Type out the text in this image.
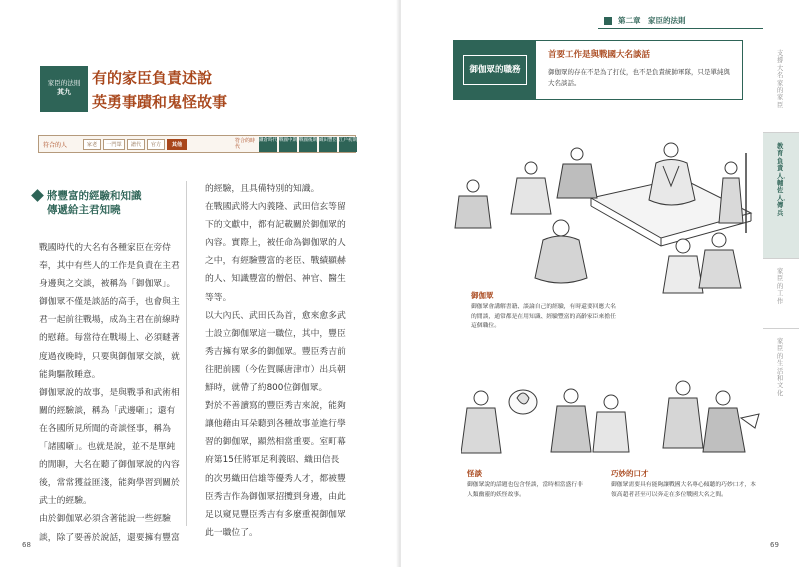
家臣的法則
其九
有的家臣負責述說
英勇事蹟和鬼怪故事
符合的人	家老	一門眾	譜代	官方	其他
符合的時代
鎌倉時代 戰國中期 戰國後期 織田豐臣 江戶初期
將豐富的經驗和知識
傳遞給主君知曉

戰國時代的大名有各種家臣在旁侍奉，其中有些人的工作是負責在主君身邊與之交談，被稱為「御伽眾」。

御伽眾不僅是談話的高手，也會與主君一起前往戰場，成為主君在前線時的慰藉。每當待在戰場上、必須瞇著度過夜晚時，只要與御伽眾交談，就能夠驅散睡意。

御伽眾說的故事，是與戰爭和武術相關的經驗談，稱為「武邊噺」；還有在各國所見所聞的奇談怪事，稱為「諸國噺」。也就是說，並不是單純的閒聊，大名在聽了御伽眾說的內容後，常常獲益匪淺，能夠學習到關於武士的經驗。

由於御伽眾必須含著能說一些經驗談，除了要善於說話，還要擁有豐富

的經驗，且具備特別的知識。

在戰國武將大內義隆、武田信玄等留下的文獻中，都有記載關於御伽眾的內容。實際上，被任命為御伽眾的人之中，有經驗豐富的老臣、戰績顯赫的人、知識豐富的僧侶、神官、醫生等等。

以大內氏、武田氏為首，愈來愈多武士設立御伽眾這一職位，其中，豐臣秀吉擁有眾多的御伽眾。豐臣秀吉前往肥前國（今佐賀縣唐津市）出兵朝鮮時，就帶了約800位御伽眾。

對於不善讀寫的豐臣秀吉來說，能夠讓他藉由耳朵聽到各種故事並進行學習的御伽眾，顯然相當重要。室町幕府第15任將軍足利義昭、織田信長的次男織田信雄等優秀人才，都被豐臣秀吉作為御伽眾招攬到身邊，由此足以窺見豐臣秀吉有多麼重視御伽眾此一職位了。

68
第二章　家臣的法則
御伽眾的職務
首要工作是與戰國大名談話
御伽眾的存在不是為了打仗，也不是負責統帥軍隊，只是單純與大名談話。
御伽眾
御伽眾會講解書籍、談論自己的經驗，有時還要回應大名的閒談，通常都是在用知識、經驗豐富的高齡家臣來擔任這個職位。
怪談
御伽眾說的話題也包含怪談，當時相當盛行非人類幽靈的妖怪故事。
巧妙的口才
御伽眾需要具有能夠讓戰國大名專心傾聽的巧妙口才，本領高超者甚至可以奔走在多位戰國大名之間。
支撐大名家的家臣
教育負責人．輔佐人．傳兵
家臣的工作
家臣的生活和文化
69
